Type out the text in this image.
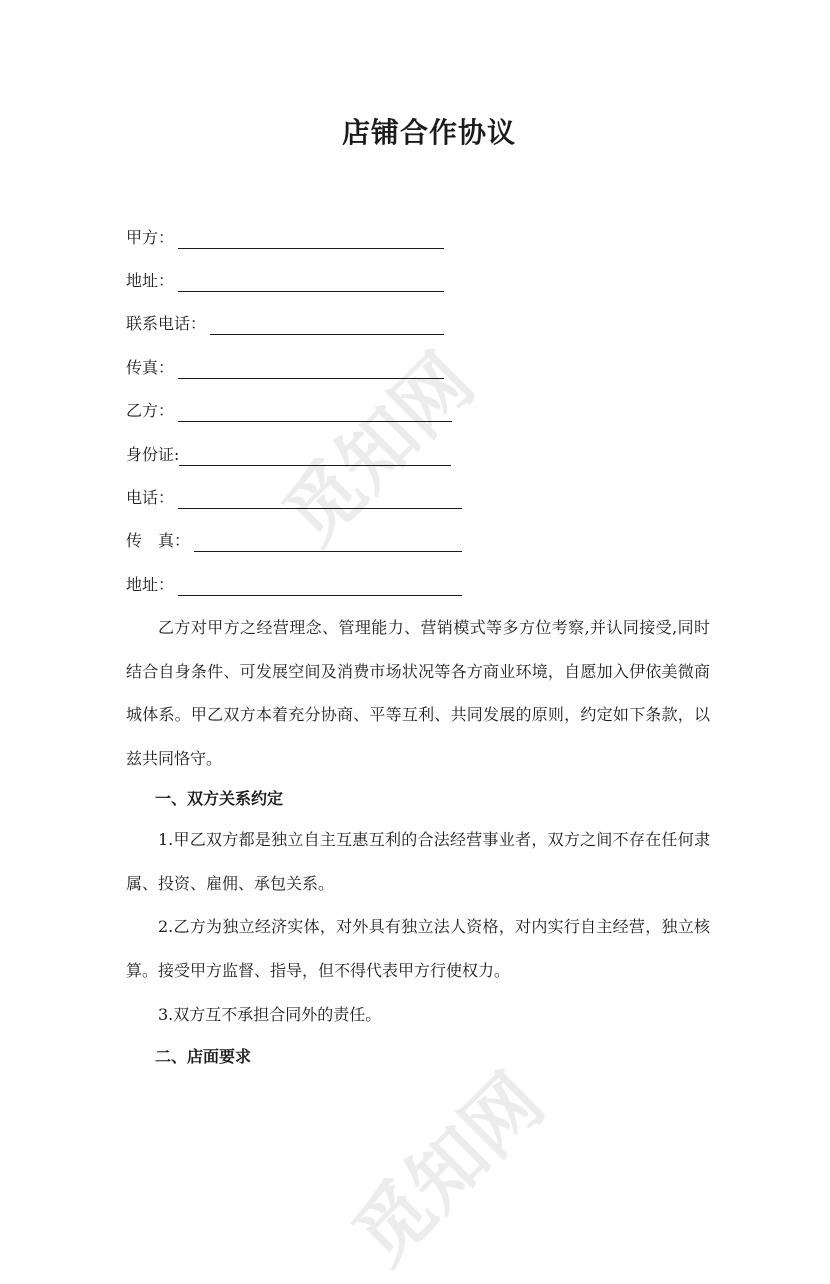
觅知网
觅知网
店铺合作协议
甲方：
地址：
联系电话：
传真：
乙方：
身份证:
电话：
传　真：
地址：

乙方对甲方之经营理念、管理能力、营销模式等多方位考察,并认同接受,同时结合自身条件、可发展空间及消费市场状况等各方商业环境，自愿加入伊依美微商城体系。甲乙双方本着充分协商、平等互利、共同发展的原则，约定如下条款，以兹共同恪守。

一、双方关系约定

1.甲乙双方都是独立自主互惠互利的合法经营事业者，双方之间不存在任何隶属、投资、雇佣、承包关系。

2.乙方为独立经济实体，对外具有独立法人资格，对内实行自主经营，独立核算。接受甲方监督、指导，但不得代表甲方行使权力。

3.双方互不承担合同外的责任。

二、店面要求
